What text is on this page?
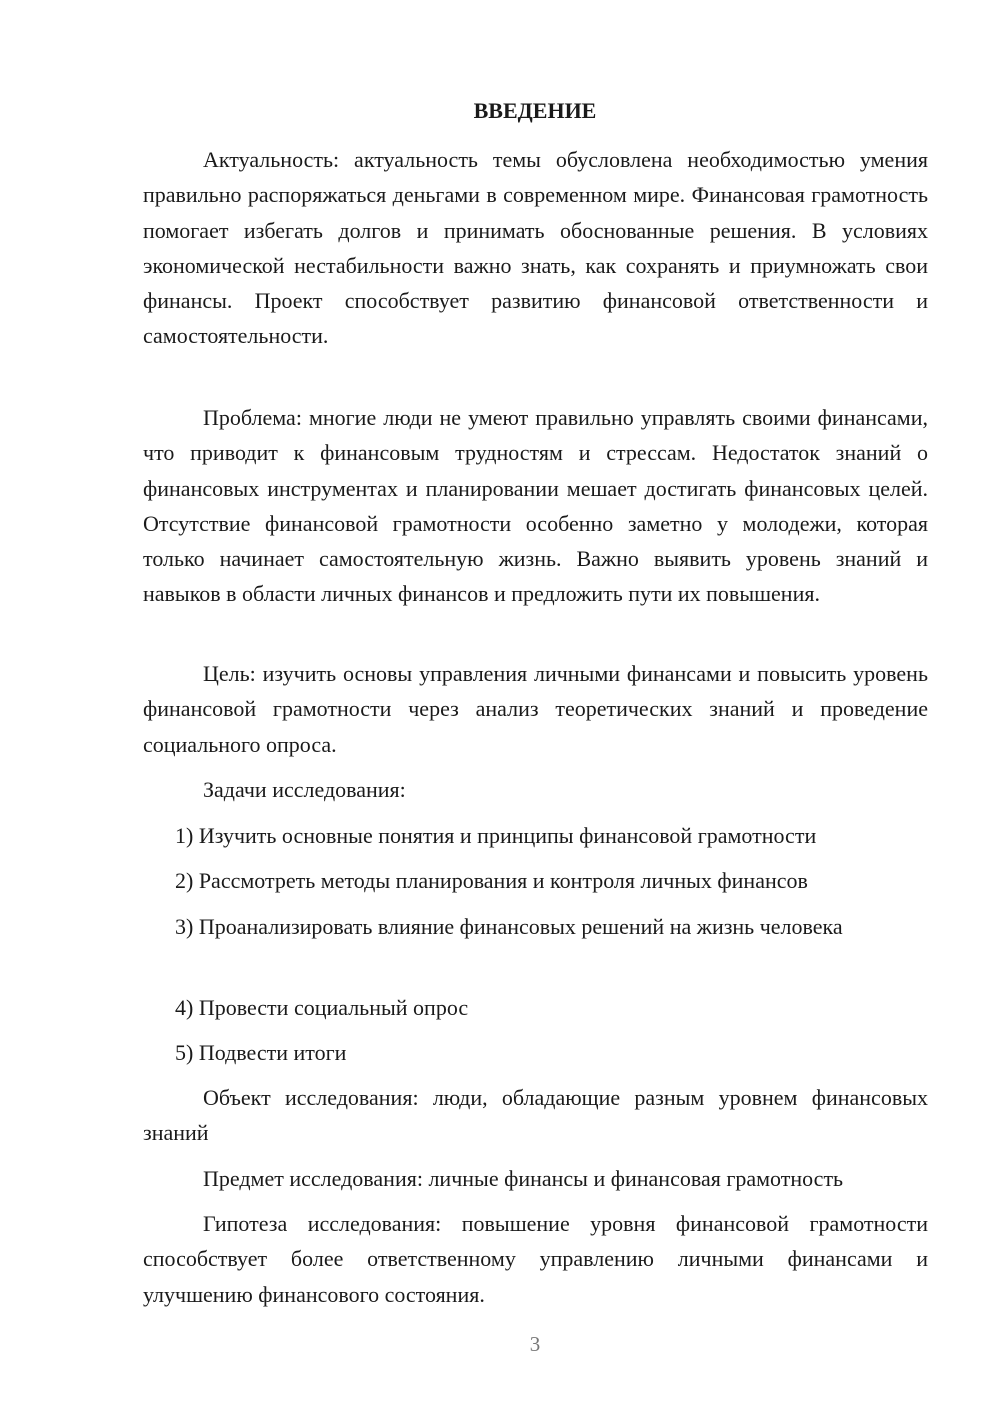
ВВЕДЕНИЕ

Актуальность: актуальность темы обусловлена необходимостью умения правильно распоряжаться деньгами в современном мире. Финансовая грамотность помогает избегать долгов и принимать обоснованные решения. В условиях экономической нестабильности важно знать, как сохранять и приумножать свои финансы. Проект способствует развитию финансовой ответственности и самостоятельности.

Проблема: многие люди не умеют правильно управлять своими финансами, что приводит к финансовым трудностям и стрессам. Недостаток знаний о финансовых инструментах и планировании мешает достигать финансовых целей. Отсутствие финансовой грамотности особенно заметно у молодежи, которая только начинает самостоятельную жизнь. Важно выявить уровень знаний и навыков в области личных финансов и предложить пути их повышения.

Цель: изучить основы управления личными финансами и повысить уровень финансовой грамотности через анализ теоретических знаний и проведение социального опроса.

Задачи исследования:

1) Изучить основные понятия и принципы финансовой грамотности

2) Рассмотреть методы планирования и контроля личных финансов

3) Проанализировать влияние финансовых решений на жизнь человека

4) Провести социальный опрос

5) Подвести итоги

Объект исследования: люди, обладающие разным уровнем финансовых знаний

Предмет исследования: личные финансы и финансовая грамотность

Гипотеза исследования: повышение уровня финансовой грамотности способствует более ответственному управлению личными финансами и улучшению финансового состояния.

3
